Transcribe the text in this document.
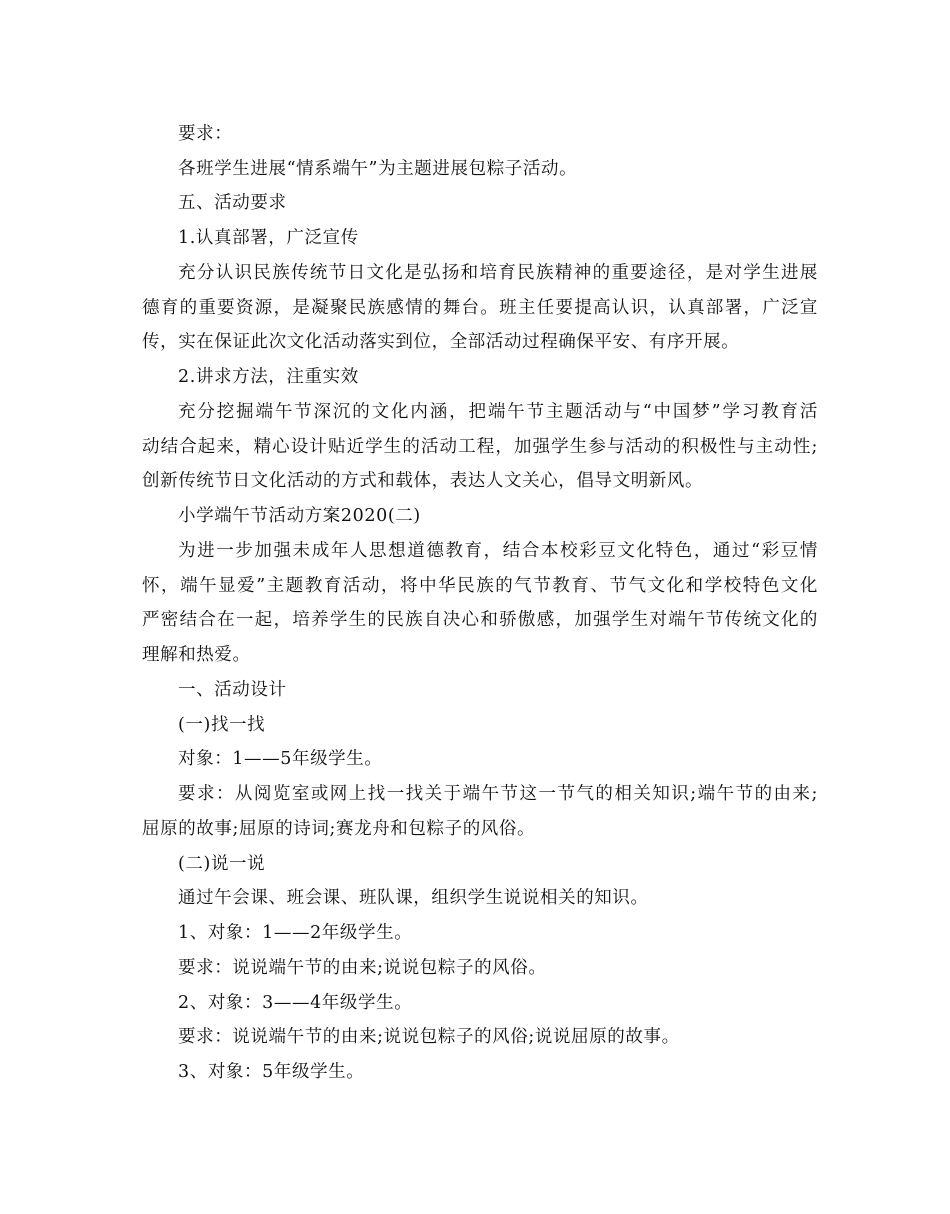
要求：
各班学生进展“情系端午”为主题进展包粽子活动。
五、活动要求
1.认真部署，广泛宣传
充分认识民族传统节日文化是弘扬和培育民族精神的重要途径，是对学生进展
德育的重要资源，是凝聚民族感情的舞台。班主任要提高认识，认真部署，广泛宣
传，实在保证此次文化活动落实到位，全部活动过程确保平安、有序开展。
2.讲求方法，注重实效
充分挖掘端午节深沉的文化内涵，把端午节主题活动与“中国梦”学习教育活
动结合起来，精心设计贴近学生的活动工程，加强学生参与活动的积极性与主动性;
创新传统节日文化活动的方式和载体，表达人文关心，倡导文明新风。
小学端午节活动方案2020(二)
为进一步加强未成年人思想道德教育，结合本校彩豆文化特色，通过“彩豆情
怀，端午显爱”主题教育活动，将中华民族的气节教育、节气文化和学校特色文化
严密结合在一起，培养学生的民族自决心和骄傲感，加强学生对端午节传统文化的
理解和热爱。
一、活动设计
(一)找一找
对象：1——5年级学生。
要求：从阅览室或网上找一找关于端午节这一节气的相关知识;端午节的由来;
屈原的故事;屈原的诗词;赛龙舟和包粽子的风俗。
(二)说一说
通过午会课、班会课、班队课，组织学生说说相关的知识。
1、对象：1——2年级学生。
要求：说说端午节的由来;说说包粽子的风俗。
2、对象：3——4年级学生。
要求：说说端午节的由来;说说包粽子的风俗;说说屈原的故事。
3、对象：5年级学生。
